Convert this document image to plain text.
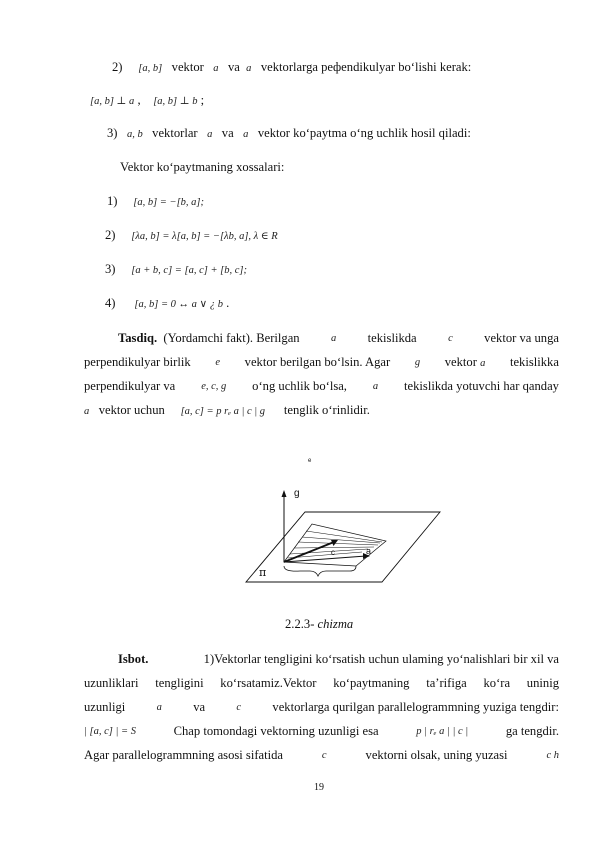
2) [a, b] vektor a va a vektorlarga peфendikulyar bo‘lishi kerak:
[a, b] ⊥ a , [a, b] ⊥ b ;
3) a, b vektorlar a va a vektor ko‘paytma o‘ng uchlik hosil qiladi:
Vektor ko‘paytmaning xossalari:
1) [a, b] = −[b, a];
2) [λa, b] = λ[a, b] = −[λb, a], λ ∈ R
3) [a + b, c] = [a, c] + [b, c];
4) [a, b] = 0 ↔ a ∨ ¿ b .
Tasdiq. (Yordamchi fakt). Berilgan	a tekislikda	c vektor va unga
perpendikulyar birlik e vektor berilgan bo‘lsin. Agar g vektor a tekislikka
perpendikulyar va e, c, g o‘ng uchlik bo‘lsa, a tekislikda yotuvchi har qanday
a vektor uchun [a, c] = p rₑ a | c | g tenglik o‘rinlidir.
e
g
c	a
π
2.2.3- chizma
Isbot.	1)Vektorlar tengligini ko‘rsatish uchun ulaming yo‘nalishlari bir xil va
uzunliklari tengligini ko‘rsatamiz.Vektor ko‘paytmaning ta’rifiga ko‘ra uninig
uzunligi	a va	c vektorlarga qurilgan parallelogrammning yuziga tengdir:
| [a, c] | = S	Chap tomondagi vektorning uzunligi esa	p | rₑ a | | c |	ga tengdir.
Agar parallelogrammning asosi sifatida	c	vektorni olsak, uning yuzasi	c h
19
